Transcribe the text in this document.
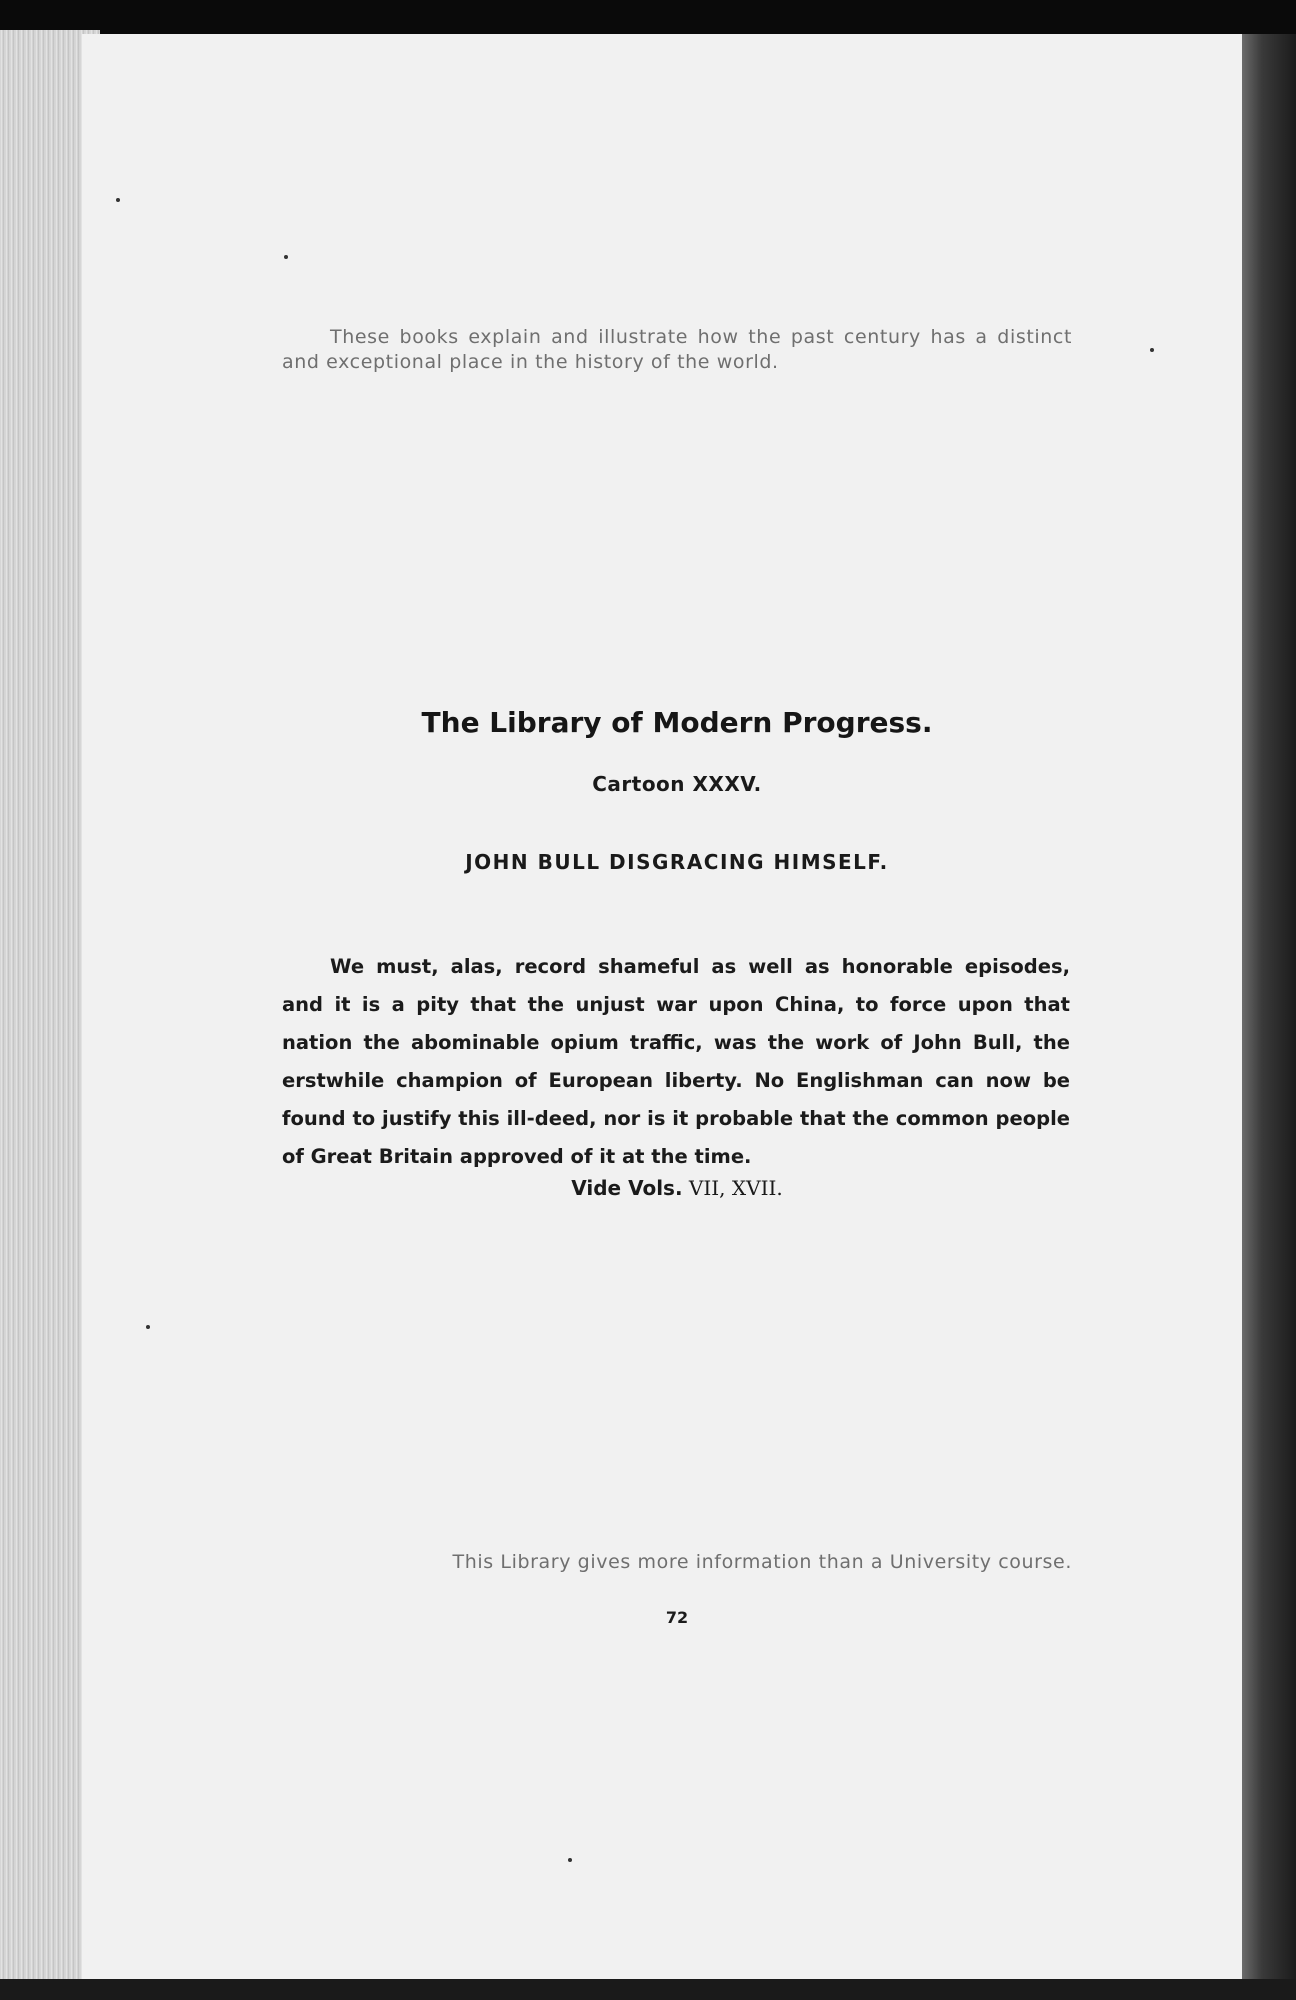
These books explain and illustrate how the past century has a distinct and exceptional place in the history of the world.

The Library of Modern Progress.
Cartoon XXXV.
JOHN BULL DISGRACING HIMSELF.

We must, alas, record shameful as well as honorable episodes, and it is a pity that the unjust war upon China, to force upon that nation the abominable opium traffic, was the work of John Bull, the erstwhile champion of European liberty. No Englishman can now be found to justify this ill-deed, nor is it probable that the common people of Great Britain approved of it at the time.

Vide Vols. VII, XVII.
This Library gives more information than a University course.
72
